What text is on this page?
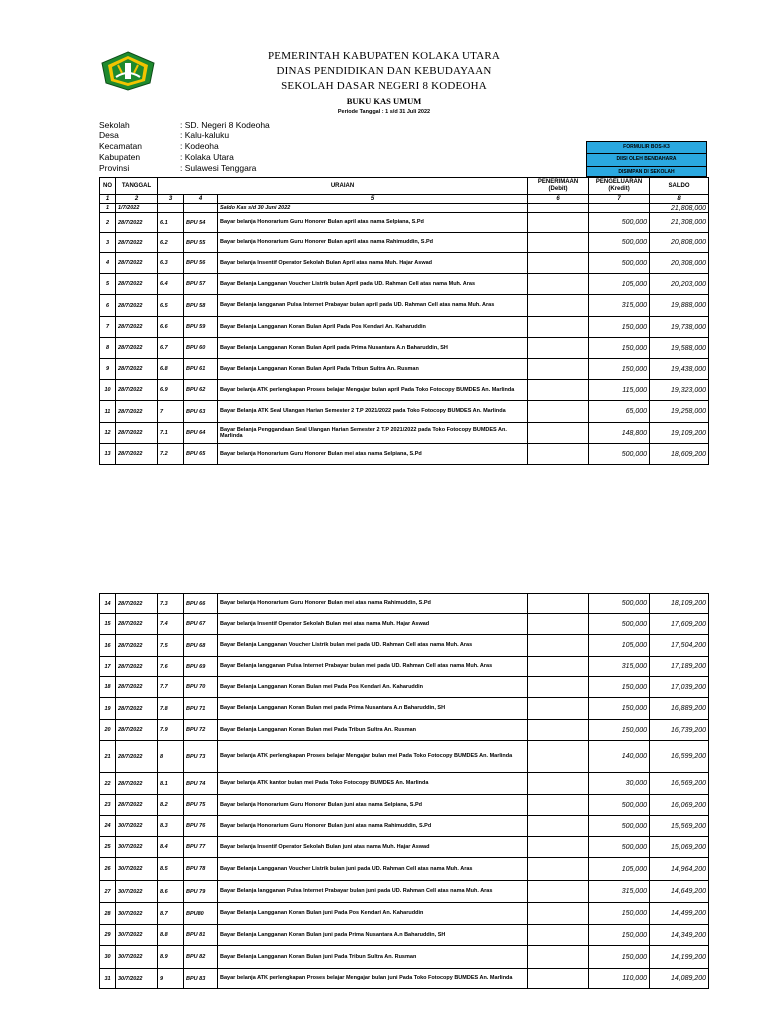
PEMERINTAH KABUPATEN KOLAKA UTARA
DINAS PENDIDIKAN DAN KEBUDAYAAN
SEKOLAH DASAR NEGERI 8 KODEOHA
BUKU KAS UMUM
Periode Tanggal : 1 s/d 31 Juli 2022
Sekolah	: SD. Negeri 8 Kodeoha
Desa	: Kalu-kaluku
Kecamatan	: Kodeoha
Kabupaten	: Kolaka Utara
Provinsi	: Sulawesi Tenggara
FORMULIR BOS-K3
DIISI OLEH BENDAHARA
DISIMPAN DI SEKOLAH
NO	TANGGAL	URAIAN			PENERIMAAN (Debit)	PENGELUARAN (Kredit)	SALDO
1	2	3	4	5	6	7	8
1	1/7/2022			Saldo Kas s/d 30 Juni 2022			21,808,000
2	28/7/2022	6.1	BPU 54	Bayar belanja Honorarium Guru Honorer Bulan april atas nama Selpiana, S.Pd		500,000	21,308,000
3	28/7/2022	6.2	BPU 55	Bayar belanja Honorarium Guru Honorer Bulan april atas nama Rahimuddin, S.Pd		500,000	20,808,000
4	28/7/2022	6.3	BPU 56	Bayar belanja Insentif Operator Sekolah Bulan April atas nama Muh. Hajar Aswad		500,000	20,308,000
5	28/7/2022	6.4	BPU 57	Bayar Belanja Langganan Voucher Listrik bulan April pada UD. Rahman Cell atas nama Muh. Aras		105,000	20,203,000
6	28/7/2022	6.5	BPU 58	Bayar Belanja langganan Pulsa Internet Prabayar bulan april pada UD. Rahman Cell atas nama Muh. Aras		315,000	19,888,000
7	28/7/2022	6.6	BPU 59	Bayar Belanja Langganan Koran Bulan April Pada Pos Kendari An. Kaharuddin		150,000	19,738,000
8	28/7/2022	6.7	BPU 60	Bayar Belanja Langganan Koran Bulan April pada Prima Nusantara A.n Baharuddin, SH		150,000	19,588,000
9	28/7/2022	6.8	BPU 61	Bayar Belanja Langganan Koran Bulan April Pada Tribun Sultra An. Rusman		150,000	19,438,000
10	28/7/2022	6.9	BPU 62	Bayar belanja ATK perlengkapan Proses belajar Mengajar bulan april Pada Toko Fotocopy BUMDES An. Marlinda		115,000	19,323,000
11	28/7/2022	7	BPU 63	Bayar Belanja ATK Seal Ulangan Harian Semester 2 T.P 2021/2022 pada Toko Fotocopy BUMDES An. Marlinda		65,000	19,258,000
12	28/7/2022	7.1	BPU 64	Bayar Belanja Penggandaan Seal Ulangan Harian Semester 2 T.P 2021/2022 pada Toko Fotocopy BUMDES An. Marlinda		148,800	19,109,200
13	28/7/2022	7.2	BPU 65	Bayar belanja Honorarium Guru Honorer Bulan mei atas nama Selpiana, S.Pd		500,000	18,609,200
14	28/7/2022	7.3	BPU 66	Bayar belanja Honorarium Guru Honorer Bulan mei atas nama Rahimuddin, S.Pd		500,000	18,109,200
15	28/7/2022	7.4	BPU 67	Bayar belanja Insentif Operator Sekolah Bulan mei atas nama Muh. Hajar Aswad		500,000	17,609,200
16	28/7/2022	7.5	BPU 68	Bayar Belanja Langganan Voucher Listrik bulan mei pada UD. Rahman Cell atas nama Muh. Aras		105,000	17,504,200
17	28/7/2022	7.6	BPU 69	Bayar Belanja langganan Pulsa Internet Prabayar bulan mei pada UD. Rahman Cell atas nama Muh. Aras		315,000	17,189,200
18	28/7/2022	7.7	BPU 70	Bayar Belanja Langganan Koran Bulan mei Pada Pos Kendari An. Kaharuddin		150,000	17,039,200
19	28/7/2022	7.8	BPU 71	Bayar Belanja Langganan Koran Bulan mei pada Prima Nusantara A.n Baharuddin, SH		150,000	16,889,200
20	28/7/2022	7.9	BPU 72	Bayar Belanja Langganan Koran Bulan mei Pada Tribun Sultra An. Rusman		150,000	16,739,200
21	28/7/2022	8	BPU 73	Bayar belanja ATK perlengkapan Proses belajar Mengajar bulan mei Pada Toko Fotocopy BUMDES An. Marlinda		140,000	16,599,200
22	28/7/2022	8.1	BPU 74	Bayar belanja ATK kantor bulan mei Pada Toko Fotocopy BUMDES An. Marlinda		30,000	16,569,200
23	28/7/2022	8.2	BPU 75	Bayar belanja Honorarium Guru Honorer Bulan juni atas nama Selpiana, S.Pd		500,000	16,069,200
24	30/7/2022	8.3	BPU 76	Bayar belanja Honorarium Guru Honorer Bulan juni atas nama Rahimuddin, S.Pd		500,000	15,569,200
25	30/7/2022	8.4	BPU 77	Bayar belanja Insentif Operator Sekolah Bulan juni atas nama Muh. Hajar Aswad		500,000	15,069,200
26	30/7/2022	8.5	BPU 78	Bayar Belanja Langganan Voucher Listrik bulan juni pada UD. Rahman Cell atas nama Muh. Aras		105,000	14,964,200
27	30/7/2022	8.6	BPU 79	Bayar Belanja langganan Pulsa Internet Prabayar bulan juni pada UD. Rahman Cell atas nama Muh. Aras		315,000	14,649,200
28	30/7/2022	8.7	BPU80	Bayar Belanja Langganan Koran Bulan juni Pada Pos Kendari An. Kaharuddin		150,000	14,499,200
29	30/7/2022	8.8	BPU 81	Bayar Belanja Langganan Koran Bulan juni pada Prima Nusantara A.n Baharuddin, SH		150,000	14,349,200
30	30/7/2022	8.9	BPU 82	Bayar Belanja Langganan Koran Bulan juni Pada Tribun Sultra An. Rusman		150,000	14,199,200
31	30/7/2022	9	BPU 83	Bayar belanja ATK perlengkapan Proses belajar Mengajar bulan juni Pada Toko Fotocopy BUMDES An. Marlinda		110,000	14,089,200
